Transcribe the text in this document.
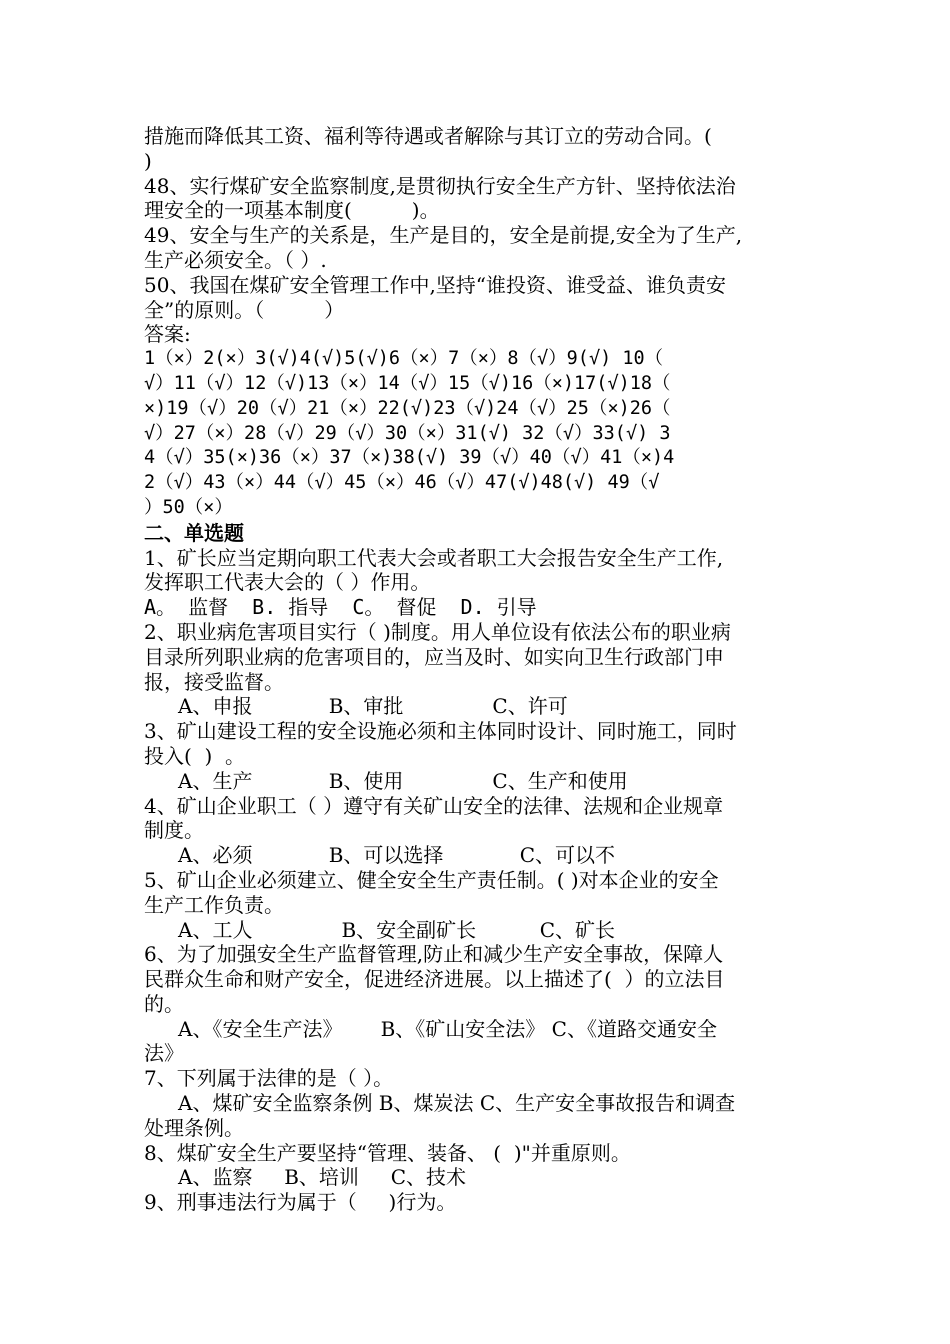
措施而降低其工资、福利等待遇或者解除与其订立的劳动合同。(
)
48、实行煤矿安全监察制度,是贯彻执行安全生产方针、坚持依法治
理安全的一项基本制度(　　　)。
49、安全与生产的关系是，生产是目的，安全是前提,安全为了生产,
生产必须安全。（ ）.
50、我国在煤矿安全管理工作中,坚持“谁投资、谁受益、谁负责安
全”的原则。（　　　）
答案:
1（×）2(×）3(√)4(√)5(√)6（×）7（×）8（√）9(√) 10（
√）11（√）12（√)13（×）14（√）15（√)16（×)17(√)18（
×)19（√）20（√）21（×）22(√)23（√)24（√）25（×)26（
√）27（×）28（√）29（√）30（×）31(√) 32（√）33(√) 3
4（√）35(×)36（×）37（×)38(√) 39（√）40（√）41（×)4
2（√）43（×）44（√）45（×）46（√）47(√)48(√) 49（√
）50（×）
二、单选题
1、矿长应当定期向职工代表大会或者职工大会报告安全生产工作,
发挥职工代表大会的（ ）作用。
A。 监督  B. 指导  C。 督促  D. 引导
2、职业病危害项目实行（ )制度。用人单位设有依法公布的职业病
目录所列职业病的危害项目的，应当及时、如实向卫生行政部门申
报，接受监督。
A、申报            B、审批              C、许可
3、矿山建设工程的安全设施必须和主体同时设计、同时施工，同时
投入(  )  。
A、生产            B、使用              C、生产和使用
4、矿山企业职工（ ）遵守有关矿山安全的法律、法规和企业规章
制度。
A、必须            B、可以选择            C、可以不
5、矿山企业必须建立、健全安全生产责任制。( )对本企业的安全
生产工作负责。
A、工人              B、安全副矿长          C、矿长
6、为了加强安全生产监督管理,防止和减少生产安全事故，保障人
民群众生命和财产安全，促进经济进展。以上描述了(  ）的立法目
的。
A、《安全生产法》      B、《矿山安全法》 C、《道路交通安全
法》
7、下列属于法律的是（ ）。
A、煤矿安全监察条例 B、煤炭法 C、生产安全事故报告和调查
处理条例。
8、煤矿安全生产要坚持“管理、装备、 (  )"并重原则。
A、监察     B、培训     C、技术
9、刑事违法行为属于（     )行为。
